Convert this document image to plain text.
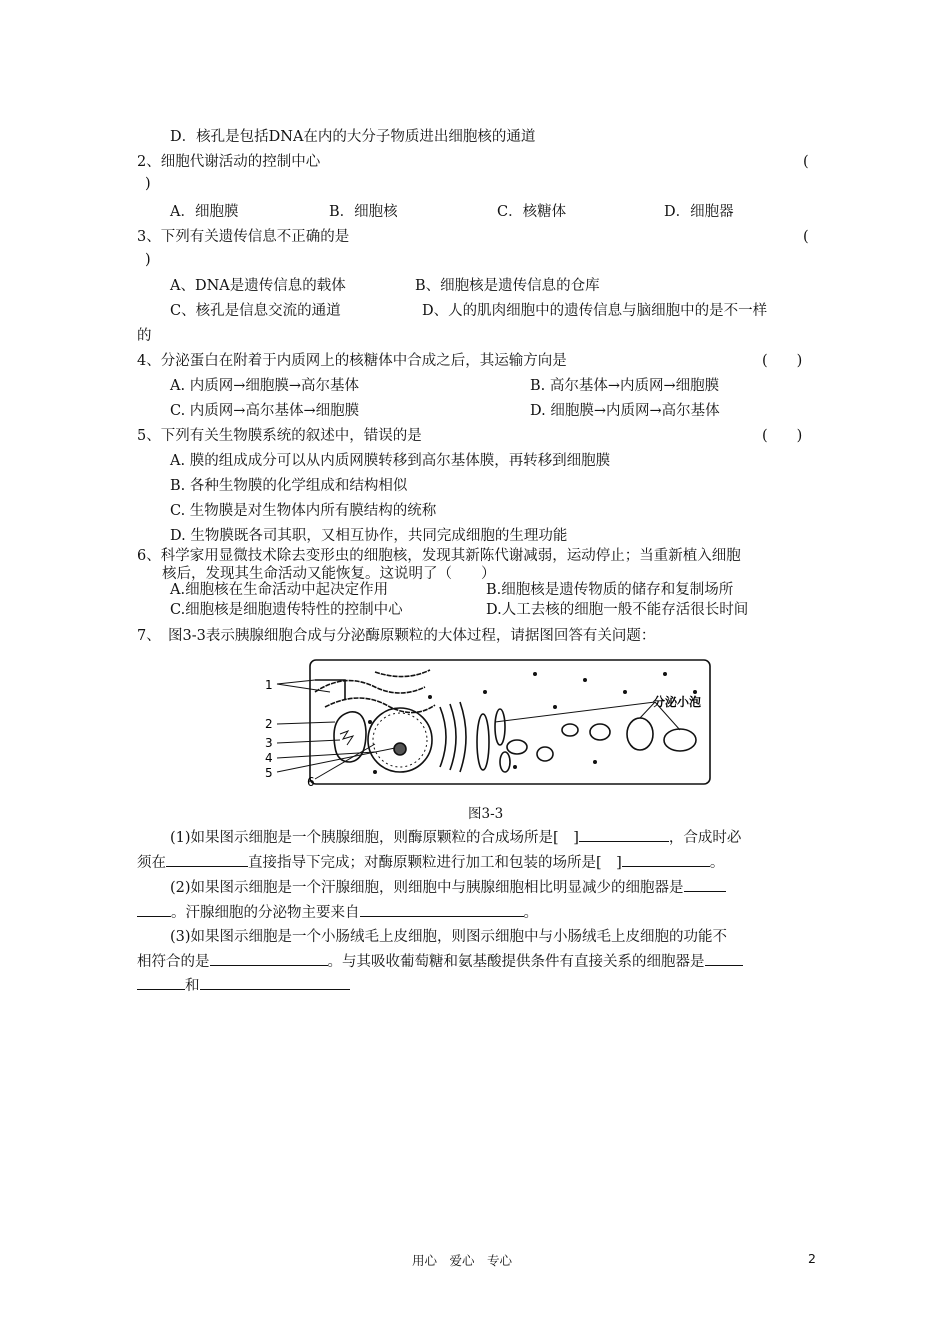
D．核孔是包括DNA在内的大分子物质进出细胞核的通道
2、细胞代谢活动的控制中心	(
)
A．细胞膜	B．细胞核	C．核糖体	D．细胞器
3、下列有关遗传信息不正确的是	(
)
A、DNA是遗传信息的载体	B、细胞核是遗传信息的仓库
C、核孔是信息交流的通道	D、人的肌肉细胞中的遗传信息与脑细胞中的是不一样
的
4、分泌蛋白在附着于内质网上的核糖体中合成之后，其运输方向是	(　　)
A. 内质网→细胞膜→高尔基体	B. 高尔基体→内质网→细胞膜
C. 内质网→高尔基体→细胞膜	D. 细胞膜→内质网→高尔基体
5、下列有关生物膜系统的叙述中，错误的是	(　　)
A. 膜的组成成分可以从内质网膜转移到高尔基体膜，再转移到细胞膜
B. 各种生物膜的化学组成和结构相似
C. 生物膜是对生物体内所有膜结构的统称
D. 生物膜既各司其职，又相互协作，共同完成细胞的生理功能
6、科学家用显微技术除去变形虫的细胞核，发现其新陈代谢减弱，运动停止；当重新植入细胞
核后，发现其生命活动又能恢复。这说明了（　　）
A.细胞核在生命活动中起决定作用	B.细胞核是遗传物质的储存和复制场所
C.细胞核是细胞遗传特性的控制中心	D.人工去核的细胞一般不能存活很长时间
7、　图3-3表示胰腺细胞合成与分泌酶原颗粒的大体过程，请据图回答有关问题：
1
2
3
4
5
6
分泌小泡
图3-3
(1)如果图示细胞是一个胰腺细胞，则酶原颗粒的合成场所是[　]	，合成时必
须在	直接指导下完成；对酶原颗粒进行加工和包装的场所是[　]	。
(2)如果图示细胞是一个汗腺细胞，则细胞中与胰腺细胞相比明显减少的细胞器是
。汗腺细胞的分泌物主要来自	。
(3)如果图示细胞是一个小肠绒毛上皮细胞，则图示细胞中与小肠绒毛上皮细胞的功能不
相符合的是	。与其吸收葡萄糖和氨基酸提供条件有直接关系的细胞器是
和
用心　爱心　专心	2
